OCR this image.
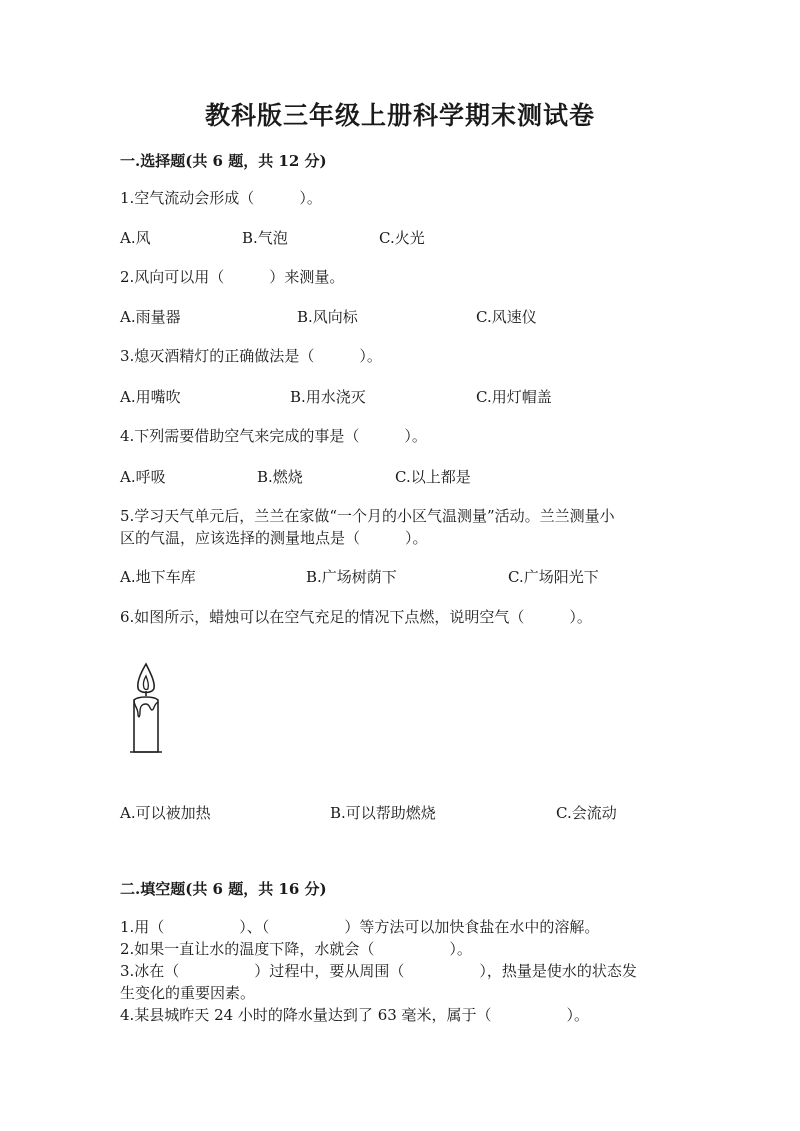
教科版三年级上册科学期末测试卷
一.选择题(共 6 题，共 12 分)
1.空气流动会形成（　　　）。
A.风	B.气泡	C.火光
2.风向可以用（　　　）来测量。
A.雨量器	B.风向标	C.风速仪
3.熄灭酒精灯的正确做法是（　　　）。
A.用嘴吹	B.用水浇灭	C.用灯帽盖
4.下列需要借助空气来完成的事是（　　　）。
A.呼吸	B.燃烧	C.以上都是
5.学习天气单元后，兰兰在家做“一个月的小区气温测量”活动。兰兰测量小
区的气温，应该选择的测量地点是（　　　）。
A.地下车库	B.广场树荫下	C.广场阳光下
6.如图所示，蜡烛可以在空气充足的情况下点燃，说明空气（　　　）。
A.可以被加热	B.可以帮助燃烧	C.会流动
二.填空题(共 6 题，共 16 分)
1.用（　　　　　）、（　　　　　）等方法可以加快食盐在水中的溶解。
2.如果一直让水的温度下降，水就会（　　　　　）。
3.冰在（　　　　　）过程中，要从周围（　　　　　），热量是使水的状态发
生变化的重要因素。
4.某县城昨天 24 小时的降水量达到了 63 毫米，属于（　　　　　）。
